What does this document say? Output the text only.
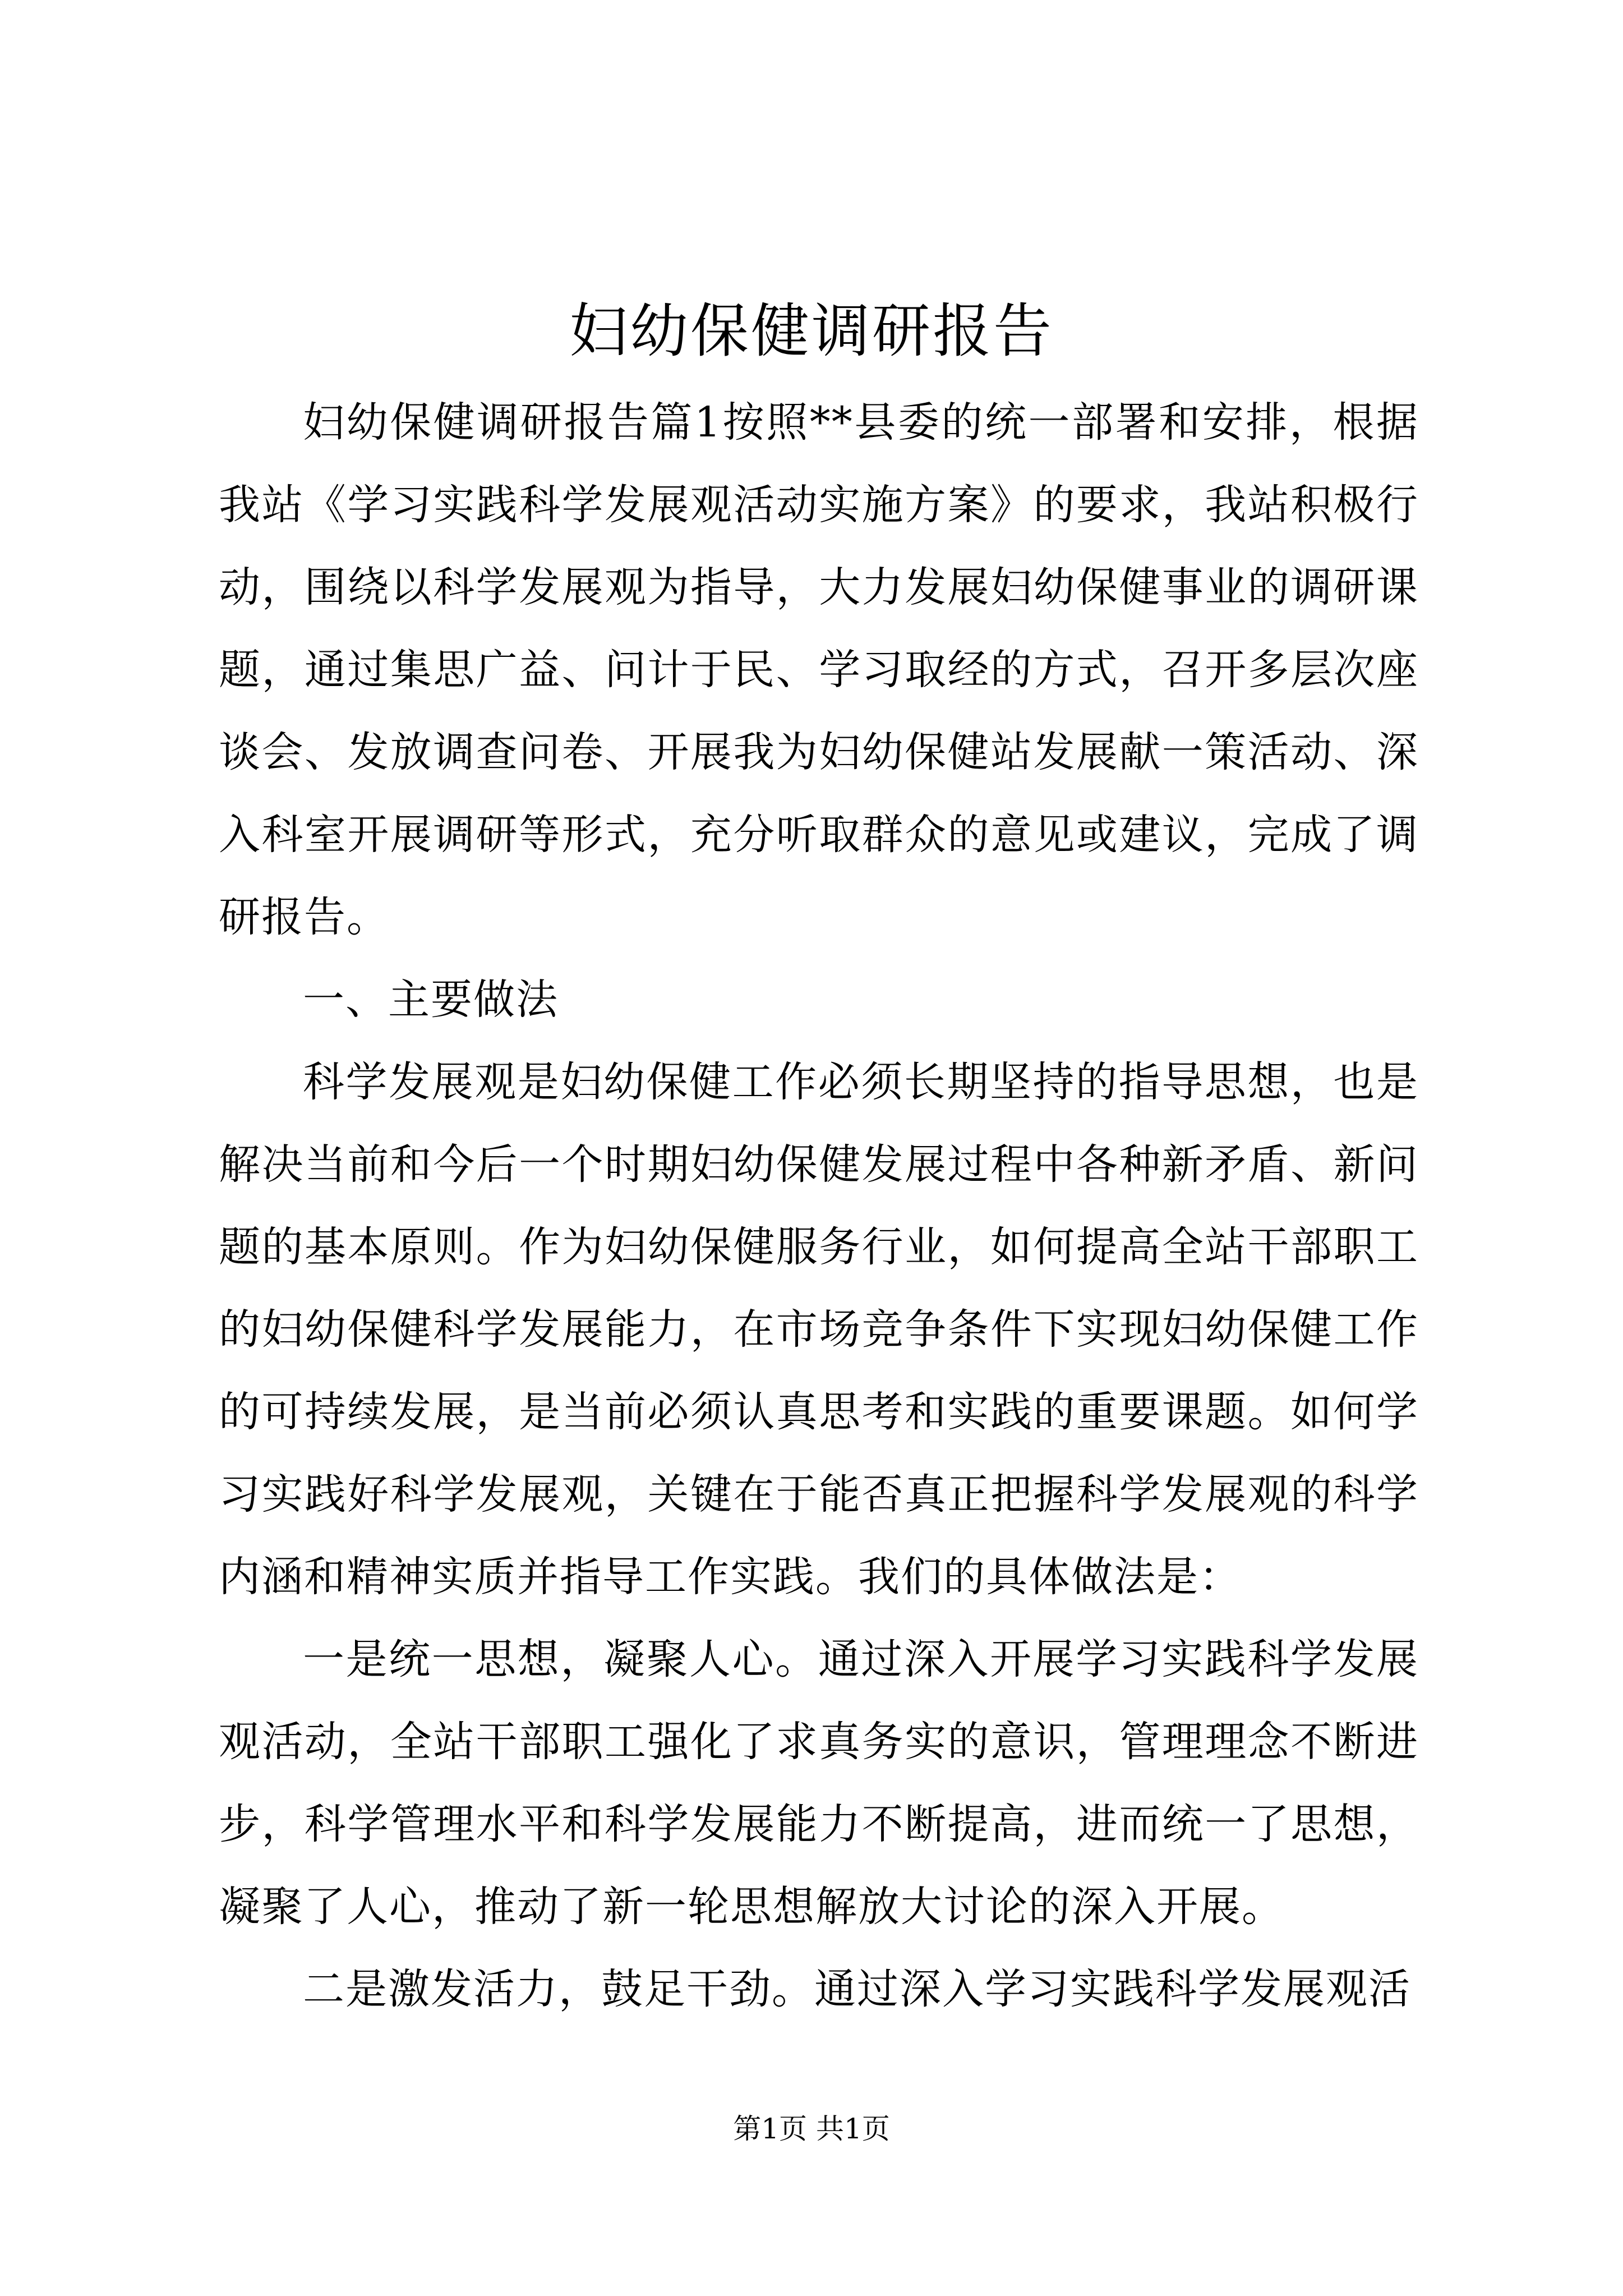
妇幼保健调研报告

妇幼保健调研报告篇1按照**县委的统一部署和安排，根据我站《学习实践科学发展观活动实施方案》的要求，我站积极行动，围绕以科学发展观为指导，大力发展妇幼保健事业的调研课题，通过集思广益、问计于民、学习取经的方式，召开多层次座谈会、发放调查问卷、开展我为妇幼保健站发展献一策活动、深入科室开展调研等形式，充分听取群众的意见或建议，完成了调研报告。

一、主要做法

科学发展观是妇幼保健工作必须长期坚持的指导思想，也是解决当前和今后一个时期妇幼保健发展过程中各种新矛盾、新问题的基本原则。作为妇幼保健服务行业，如何提高全站干部职工的妇幼保健科学发展能力，在市场竞争条件下实现妇幼保健工作的可持续发展，是当前必须认真思考和实践的重要课题。如何学习实践好科学发展观，关键在于能否真正把握科学发展观的科学内涵和精神实质并指导工作实践。我们的具体做法是：

一是统一思想，凝聚人心。通过深入开展学习实践科学发展观活动，全站干部职工强化了求真务实的意识，管理理念不断进步，科学管理水平和科学发展能力不断提高，进而统一了思想，凝聚了人心，推动了新一轮思想解放大讨论的深入开展。

二是激发活力，鼓足干劲。通过深入学习实践科学发展观活

第1页 共1页
